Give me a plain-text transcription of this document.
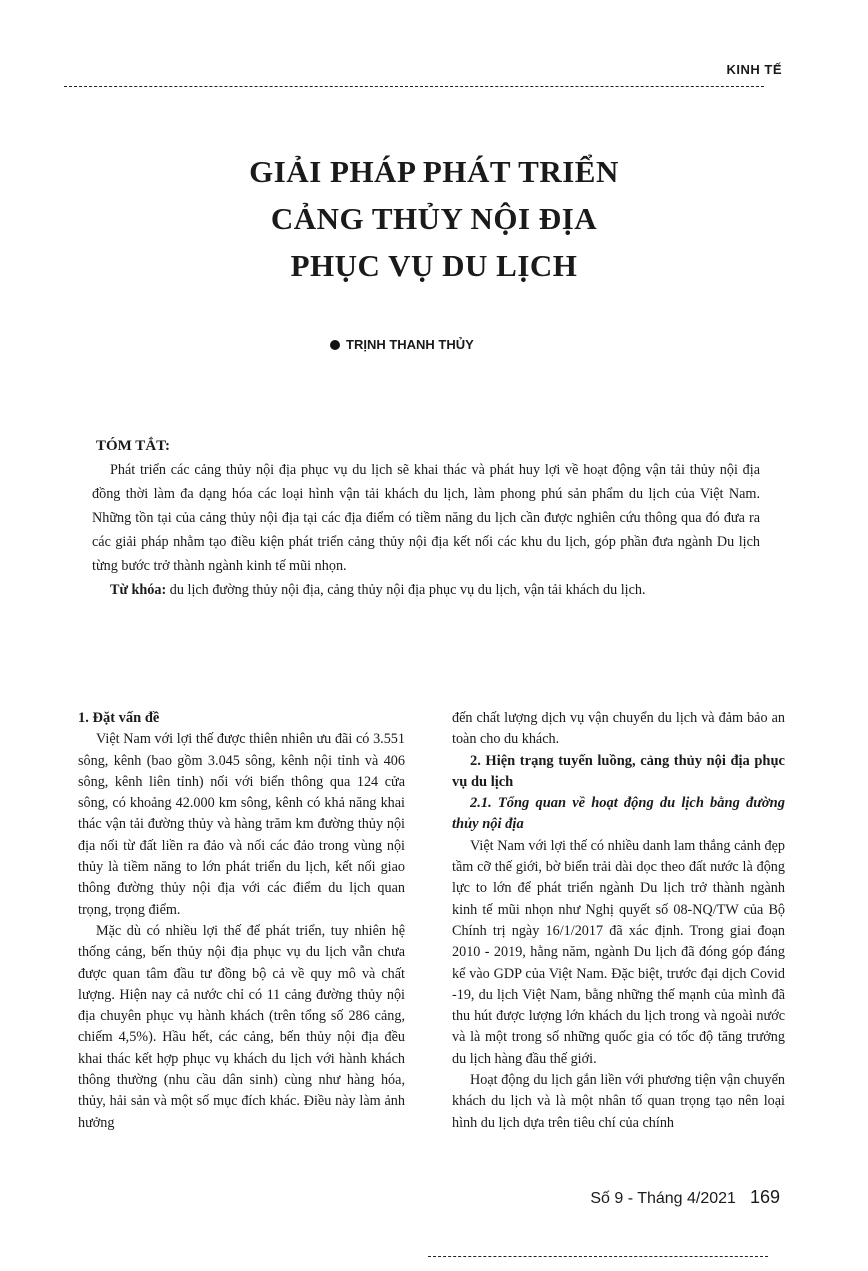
KINH TẾ
GIẢI PHÁP PHÁT TRIỂN
CẢNG THỦY NỘI ĐỊA
PHỤC VỤ DU LỊCH
TRỊNH THANH THỦY
TÓM TẮT:

Phát triển các cảng thủy nội địa phục vụ du lịch sẽ khai thác và phát huy lợi về hoạt động vận tải thủy nội địa đồng thời làm đa dạng hóa các loại hình vận tải khách du lịch, làm phong phú sản phẩm du lịch của Việt Nam. Những tồn tại của cảng thủy nội địa tại các địa điểm có tiềm năng du lịch cần được nghiên cứu thông qua đó đưa ra các giải pháp nhằm tạo điều kiện phát triển cảng thủy nội địa kết nối các khu du lịch, góp phần đưa ngành Du lịch từng bước trở thành ngành kinh tế mũi nhọn.

Từ khóa: du lịch đường thủy nội địa, cảng thủy nội địa phục vụ du lịch, vận tải khách du lịch.

1. Đặt vấn đề

Việt Nam với lợi thế được thiên nhiên ưu đãi có 3.551 sông, kênh (bao gồm 3.045 sông, kênh nội tỉnh và 406 sông, kênh liên tỉnh) nối với biển thông qua 124 cửa sông, có khoảng 42.000 km sông, kênh có khả năng khai thác vận tải đường thủy và hàng trăm km đường thủy nội địa nối từ đất liền ra đảo và nối các đảo trong vùng nội thủy là tiềm năng to lớn phát triển du lịch, kết nối giao thông đường thủy nội địa với các điểm du lịch quan trọng, trọng điểm.

Mặc dù có nhiều lợi thế để phát triển, tuy nhiên hệ thống cảng, bến thủy nội địa phục vụ du lịch vẫn chưa được quan tâm đầu tư đồng bộ cả về quy mô và chất lượng. Hiện nay cả nước chỉ có 11 cảng đường thủy nội địa chuyên phục vụ hành khách (trên tổng số 286 cảng, chiếm 4,5%). Hầu hết, các cảng, bến thủy nội địa đều khai thác kết hợp phục vụ khách du lịch với hành khách thông thường (nhu cầu dân sinh) cùng như hàng hóa, thủy, hải sản và một số mục đích khác. Điều này làm ảnh hưởng

đến chất lượng dịch vụ vận chuyển du lịch và đảm bảo an toàn cho du khách.

2. Hiện trạng tuyến luồng, cảng thủy nội địa phục vụ du lịch
2.1. Tổng quan về hoạt động du lịch bằng đường thủy nội địa

Việt Nam với lợi thế có nhiều danh lam thắng cảnh đẹp tầm cỡ thế giới, bờ biển trải dài dọc theo đất nước là động lực to lớn để phát triển ngành Du lịch trở thành ngành kinh tế mũi nhọn như Nghị quyết số 08-NQ/TW của Bộ Chính trị ngày 16/1/2017 đã xác định. Trong giai đoạn 2010 - 2019, hằng năm, ngành Du lịch đã đóng góp đáng kể vào GDP của Việt Nam. Đặc biệt, trước đại dịch Covid -19, du lịch Việt Nam, bằng những thế mạnh của mình đã thu hút được lượng lớn khách du lịch trong và ngoài nước và là một trong số những quốc gia có tốc độ tăng trưởng du lịch hàng đầu thế giới.

Hoạt động du lịch gắn liền với phương tiện vận chuyển khách du lịch và là một nhân tố quan trọng tạo nên loại hình du lịch dựa trên tiêu chí của chính

Số 9 - Tháng 4/2021 169
